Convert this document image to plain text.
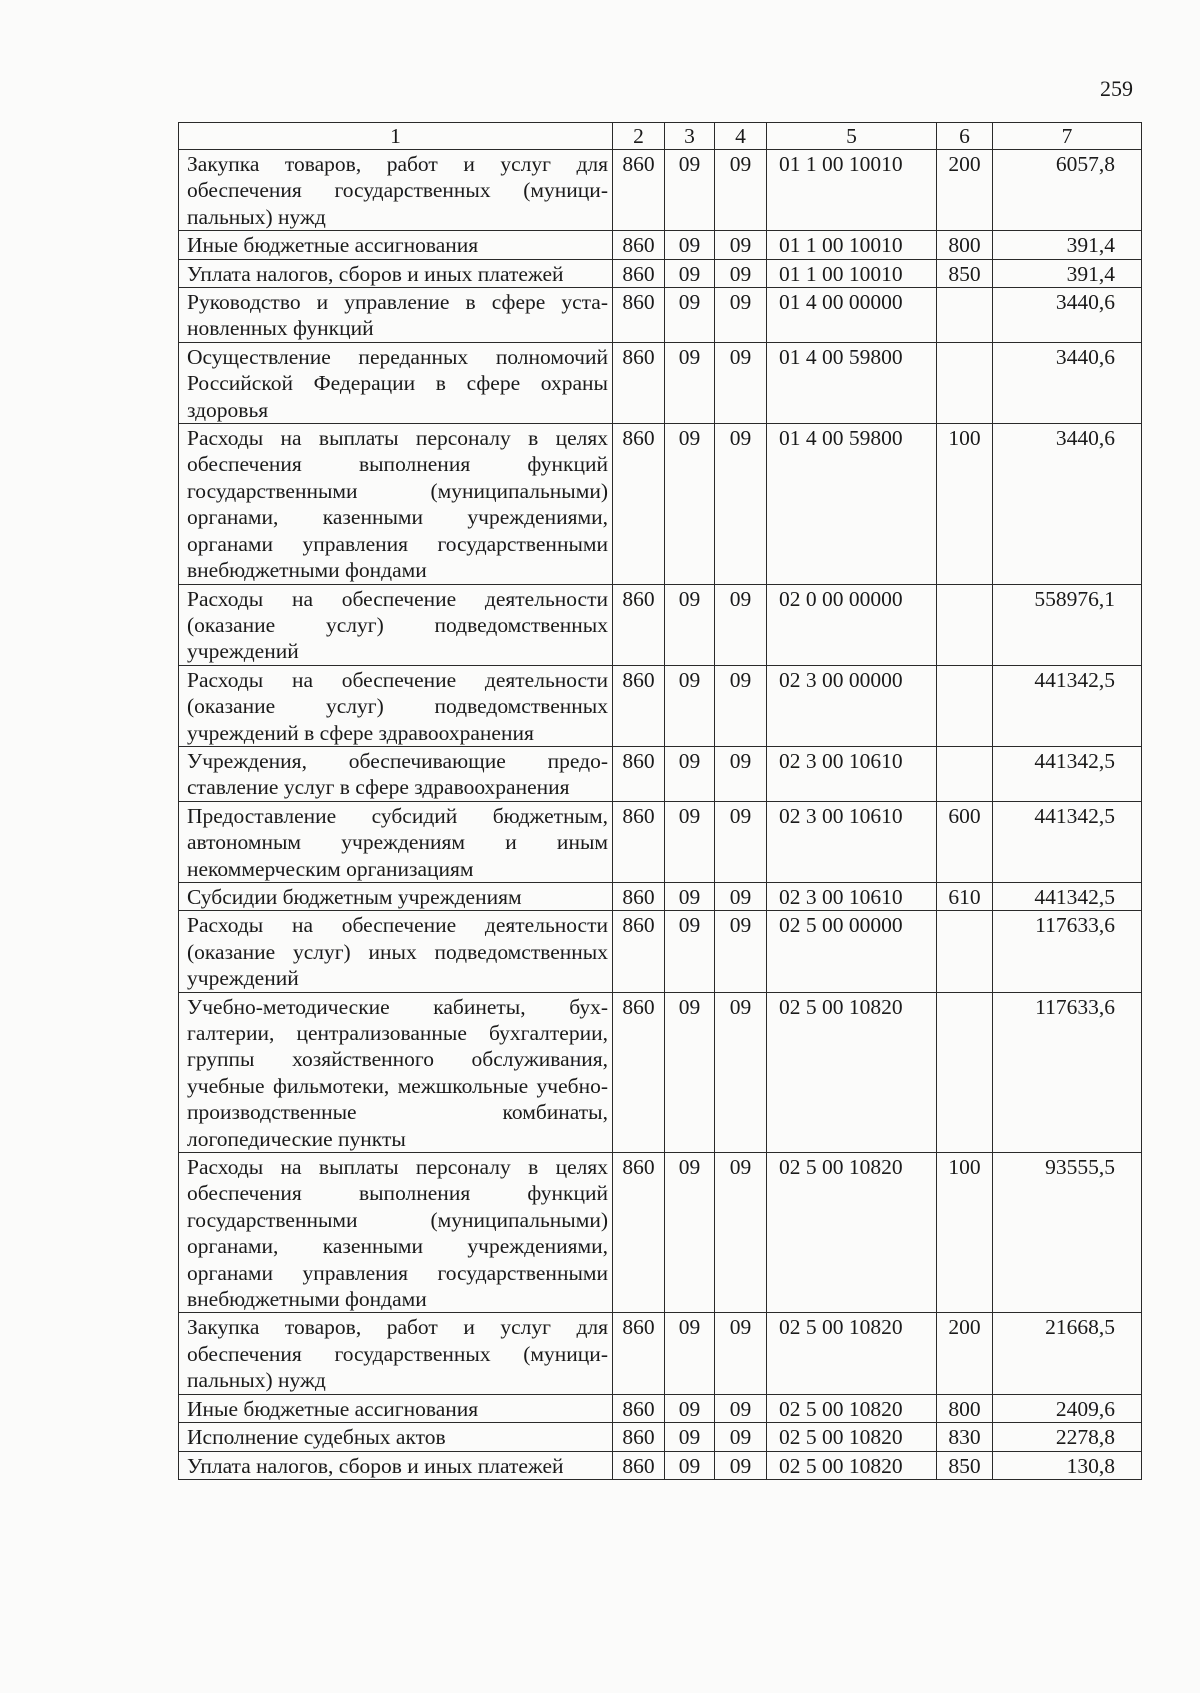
259
1	2	3	4	5	6	7
Закупка товаров, работ и услуг для обеспечения государственных (муниципальных) нужд	860	09	09	01 1 00 10010	200	6057,8
Иные бюджетные ассигнования	860	09	09	01 1 00 10010	800	391,4
Уплата налогов, сборов и иных платежей	860	09	09	01 1 00 10010	850	391,4
Руководство и управление в сфере установленных функций	860	09	09	01 4 00 00000		3440,6
Осуществление переданных полномочий Российской Федерации в сфере охраны здоровья	860	09	09	01 4 00 59800		3440,6
Расходы на выплаты персоналу в целях обеспечения выполнения функций государственными (муниципальными) органами, казенными учреждениями, органами управления государственными внебюджетными фондами	860	09	09	01 4 00 59800	100	3440,6
Расходы на обеспечение деятельности (оказание услуг) подведомственных учреждений	860	09	09	02 0 00 00000		558976,1
Расходы на обеспечение деятельности (оказание услуг) подведомственных учреждений в сфере здравоохранения	860	09	09	02 3 00 00000		441342,5
Учреждения, обеспечивающие предоставление услуг в сфере здравоохранения	860	09	09	02 3 00 10610		441342,5
Предоставление субсидий бюджетным, автономным учреждениям и иным некоммерческим организациям	860	09	09	02 3 00 10610	600	441342,5
Субсидии бюджетным учреждениям	860	09	09	02 3 00 10610	610	441342,5
Расходы на обеспечение деятельности (оказание услуг) иных подведомственных учреждений	860	09	09	02 5 00 00000		117633,6
Учебно-методические кабинеты, бухгалтерии, централизованные бухгалтерии, группы хозяйственного обслуживания, учебные фильмотеки, межшкольные учебно-производственные комбинаты, логопедические пункты	860	09	09	02 5 00 10820		117633,6
Расходы на выплаты персоналу в целях обеспечения выполнения функций государственными (муниципальными) органами, казенными учреждениями, органами управления государственными внебюджетными фондами	860	09	09	02 5 00 10820	100	93555,5
Закупка товаров, работ и услуг для обеспечения государственных (муниципальных) нужд	860	09	09	02 5 00 10820	200	21668,5
Иные бюджетные ассигнования	860	09	09	02 5 00 10820	800	2409,6
Исполнение судебных актов	860	09	09	02 5 00 10820	830	2278,8
Уплата налогов, сборов и иных платежей	860	09	09	02 5 00 10820	850	130,8
